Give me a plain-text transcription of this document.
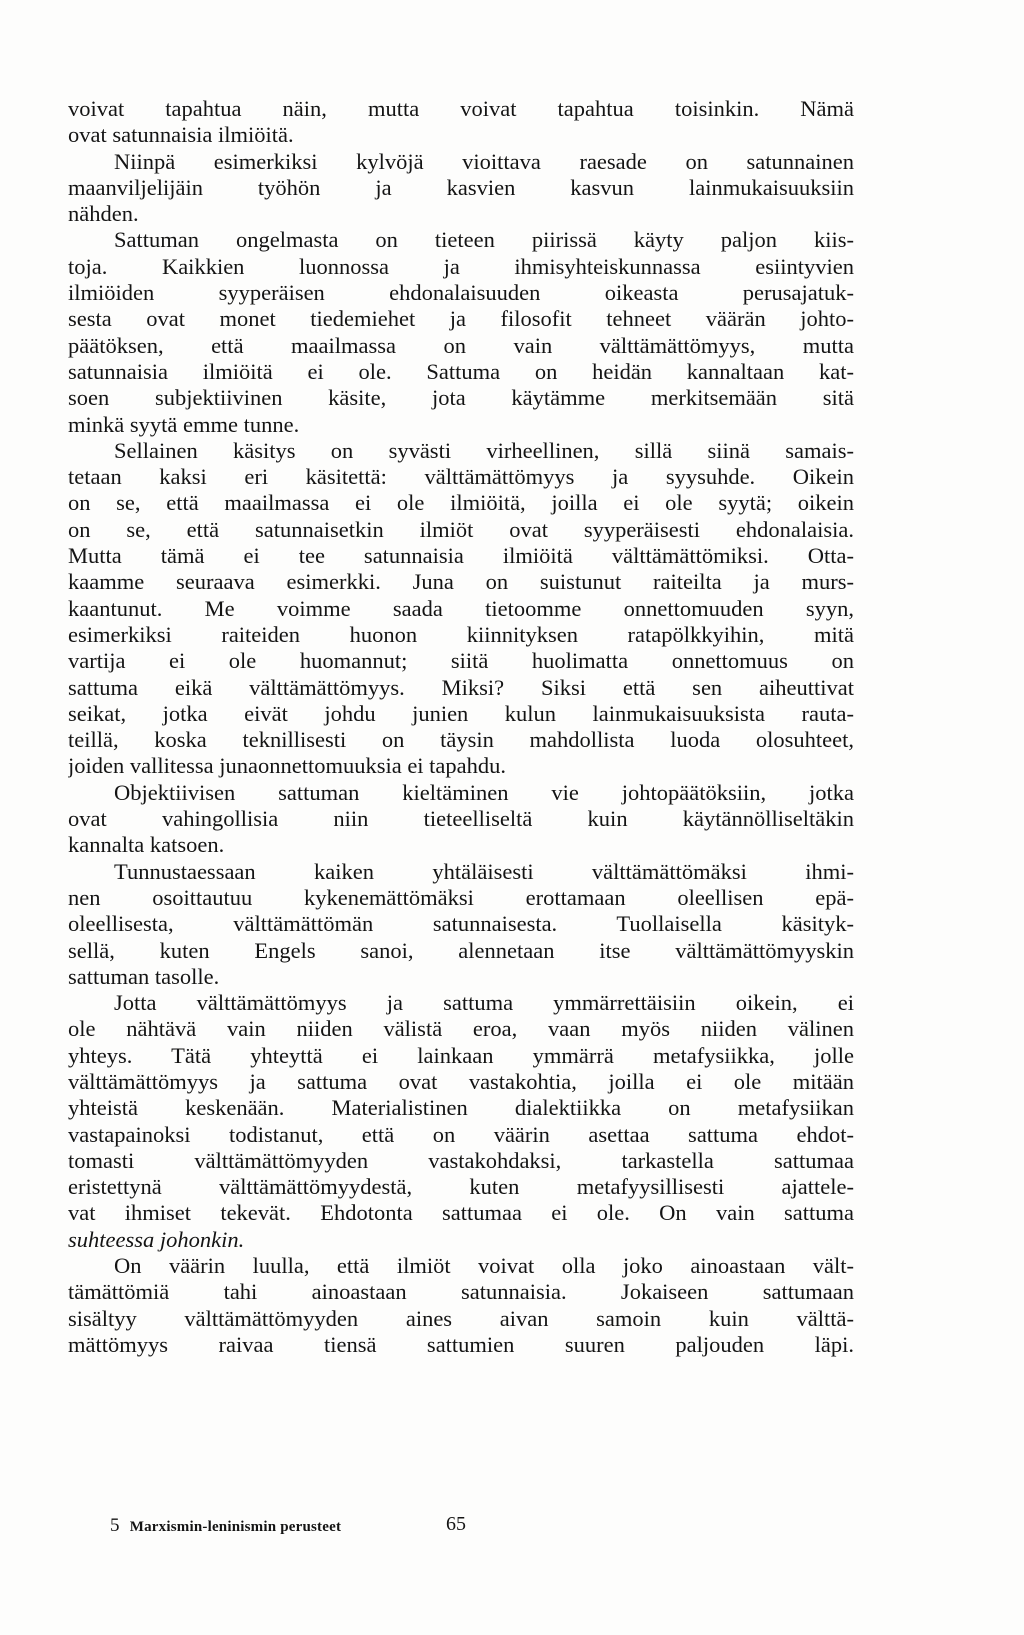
voivat tapahtua näin, mutta voivat tapahtua toisinkin. Nämä
ovat satunnaisia ilmiöitä.
Niinpä esimerkiksi kylvöjä vioittava raesade on satunnainen
maanviljelijäin työhön ja kasvien kasvun lainmukaisuuksiin
nähden.
Sattuman ongelmasta on tieteen piirissä käyty paljon kiis-
toja. Kaikkien luonnossa ja ihmisyhteiskunnassa esiintyvien
ilmiöiden syyperäisen ehdonalaisuuden oikeasta perusajatuk-
sesta ovat monet tiedemiehet ja filosofit tehneet väärän johto-
päätöksen, että maailmassa on vain välttämättömyys, mutta
satunnaisia ilmiöitä ei ole. Sattuma on heidän kannaltaan kat-
soen subjektiivinen käsite, jota käytämme merkitsemään sitä
minkä syytä emme tunne.
Sellainen käsitys on syvästi virheellinen, sillä siinä samais-
tetaan kaksi eri käsitettä: välttämättömyys ja syysuhde. Oikein
on se, että maailmassa ei ole ilmiöitä, joilla ei ole syytä; oikein
on se, että satunnaisetkin ilmiöt ovat syyperäisesti ehdonalaisia.
Mutta tämä ei tee satunnaisia ilmiöitä välttämättömiksi. Otta-
kaamme seuraava esimerkki. Juna on suistunut raiteilta ja murs-
kaantunut. Me voimme saada tietoomme onnettomuuden syyn,
esimerkiksi raiteiden huonon kiinnityksen ratapölkkyihin, mitä
vartija ei ole huomannut; siitä huolimatta onnettomuus on
sattuma eikä välttämättömyys. Miksi? Siksi että sen aiheuttivat
seikat, jotka eivät johdu junien kulun lainmukaisuuksista rauta-
teillä, koska teknillisesti on täysin mahdollista luoda olosuhteet,
joiden vallitessa junaonnettomuuksia ei tapahdu.
Objektiivisen sattuman kieltäminen vie johtopäätöksiin, jotka
ovat vahingollisia niin tieteelliseltä kuin käytännölliseltäkin
kannalta katsoen.
Tunnustaessaan kaiken yhtäläisesti välttämättömäksi ihmi-
nen osoittautuu kykenemättömäksi erottamaan oleellisen epä-
oleellisesta, välttämättömän satunnaisesta. Tuollaisella käsityk-
sellä, kuten Engels sanoi, alennetaan itse välttämättömyyskin
sattuman tasolle.
Jotta välttämättömyys ja sattuma ymmärrettäisiin oikein, ei
ole nähtävä vain niiden välistä eroa, vaan myös niiden välinen
yhteys. Tätä yhteyttä ei lainkaan ymmärrä metafysiikka, jolle
välttämättömyys ja sattuma ovat vastakohtia, joilla ei ole mitään
yhteistä keskenään. Materialistinen dialektiikka on metafysiikan
vastapainoksi todistanut, että on väärin asettaa sattuma ehdot-
tomasti välttämättömyyden vastakohdaksi, tarkastella sattumaa
eristettynä välttämättömyydestä, kuten metafyysillisesti ajattele-
vat ihmiset tekevät. Ehdotonta sattumaa ei ole. On vain sattuma
suhteessa johonkin.
On väärin luulla, että ilmiöt voivat olla joko ainoastaan vält-
tämättömiä tahi ainoastaan satunnaisia. Jokaiseen sattumaan
sisältyy välttämättömyyden aines aivan samoin kuin välttä-
mättömyys raivaa tiensä sattumien suuren paljouden läpi.
5 Marxismin-leninismin perusteet	65
